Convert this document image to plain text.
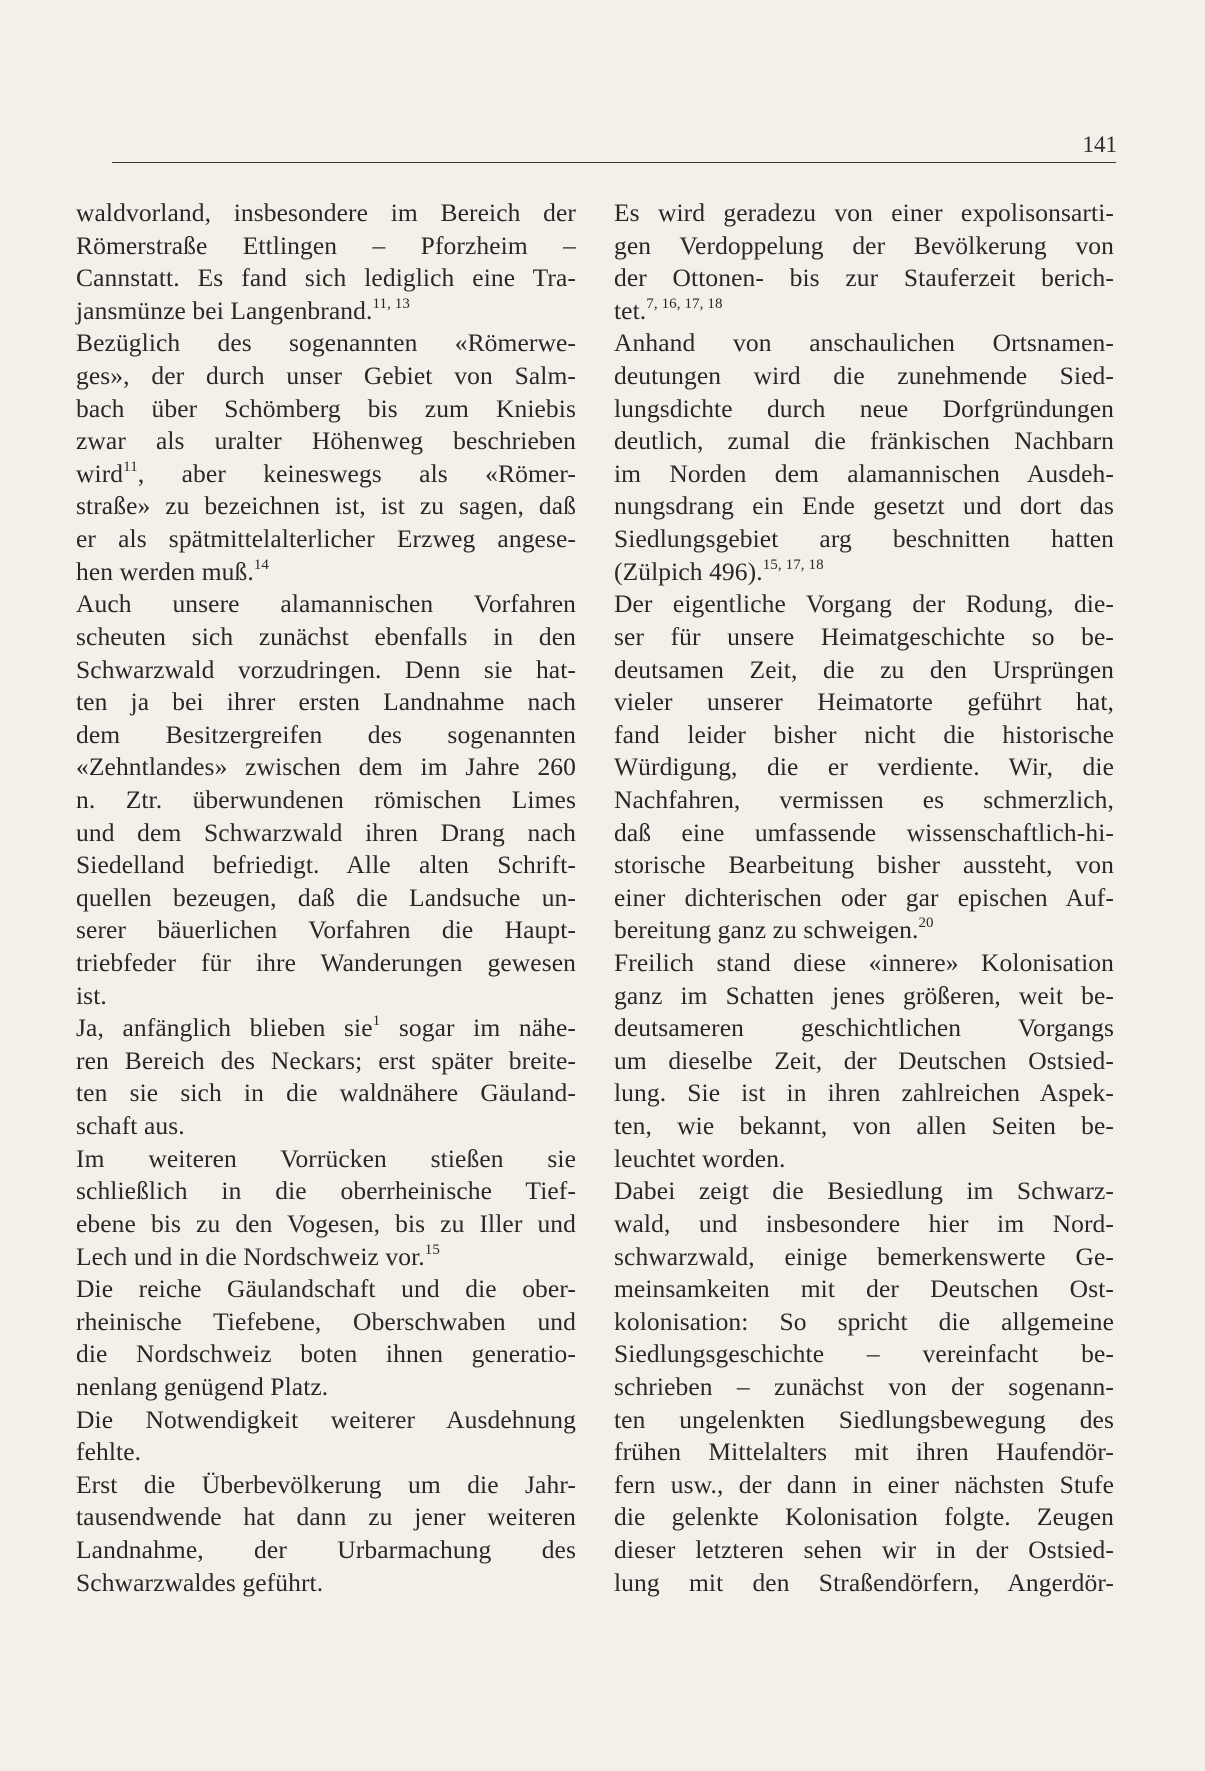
141
waldvorland, insbesondere im Bereich der
Römerstraße Ettlingen – Pforzheim –
Cannstatt. Es fand sich lediglich eine Tra-
jansmünze bei Langenbrand.$^{11, 13}$
Bezüglich des sogenannten «Römerwe-
ges», der durch unser Gebiet von Salm-
bach über Schömberg bis zum Kniebis
zwar als uralter Höhenweg beschrieben
wird$^{11}$, aber keineswegs als «Römer-
straße» zu bezeichnen ist, ist zu sagen, daß
er als spätmittelalterlicher Erzweg angese-
hen werden muß.$^{14}$
Auch unsere alamannischen Vorfahren
scheuten sich zunächst ebenfalls in den
Schwarzwald vorzudringen. Denn sie hat-
ten ja bei ihrer ersten Landnahme nach
dem Besitzergreifen des sogenannten
«Zehntlandes» zwischen dem im Jahre 260
n. Ztr. überwundenen römischen Limes
und dem Schwarzwald ihren Drang nach
Siedelland befriedigt. Alle alten Schrift-
quellen bezeugen, daß die Landsuche un-
serer bäuerlichen Vorfahren die Haupt-
triebfeder für ihre Wanderungen gewesen
ist.
Ja, anfänglich blieben sie$^1$ sogar im nähe-
ren Bereich des Neckars; erst später breite-
ten sie sich in die waldnähere Gäuland-
schaft aus.
Im weiteren Vorrücken stießen sie
schließlich in die oberrheinische Tief-
ebene bis zu den Vogesen, bis zu Iller und
Lech und in die Nordschweiz vor.$^{15}$
Die reiche Gäulandschaft und die ober-
rheinische Tiefebene, Oberschwaben und
die Nordschweiz boten ihnen generatio-
nenlang genügend Platz.
Die Notwendigkeit weiterer Ausdehnung
fehlte.
Erst die Überbevölkerung um die Jahr-
tausendwende hat dann zu jener weiteren
Landnahme, der Urbarmachung des
Schwarzwaldes geführt.
Es wird geradezu von einer expolisonsarti-
gen Verdoppelung der Bevölkerung von
der Ottonen- bis zur Stauferzeit berich-
tet.$^{7, 16, 17, 18}$
Anhand von anschaulichen Ortsnamen-
deutungen wird die zunehmende Sied-
lungsdichte durch neue Dorfgründungen
deutlich, zumal die fränkischen Nachbarn
im Norden dem alamannischen Ausdeh-
nungsdrang ein Ende gesetzt und dort das
Siedlungsgebiet arg beschnitten hatten
(Zülpich 496).$^{15, 17, 18}$
Der eigentliche Vorgang der Rodung, die-
ser für unsere Heimatgeschichte so be-
deutsamen Zeit, die zu den Ursprüngen
vieler unserer Heimatorte geführt hat,
fand leider bisher nicht die historische
Würdigung, die er verdiente. Wir, die
Nachfahren, vermissen es schmerzlich,
daß eine umfassende wissenschaftlich-hi-
storische Bearbeitung bisher aussteht, von
einer dichterischen oder gar epischen Auf-
bereitung ganz zu schweigen.$^{20}$
Freilich stand diese «innere» Kolonisation
ganz im Schatten jenes größeren, weit be-
deutsameren geschichtlichen Vorgangs
um dieselbe Zeit, der Deutschen Ostsied-
lung. Sie ist in ihren zahlreichen Aspek-
ten, wie bekannt, von allen Seiten be-
leuchtet worden.
Dabei zeigt die Besiedlung im Schwarz-
wald, und insbesondere hier im Nord-
schwarzwald, einige bemerkenswerte Ge-
meinsamkeiten mit der Deutschen Ost-
kolonisation: So spricht die allgemeine
Siedlungsgeschichte – vereinfacht be-
schrieben – zunächst von der sogenann-
ten ungelenkten Siedlungsbewegung des
frühen Mittelalters mit ihren Haufendör-
fern usw., der dann in einer nächsten Stufe
die gelenkte Kolonisation folgte. Zeugen
dieser letzteren sehen wir in der Ostsied-
lung mit den Straßendörfern, Angerdör-
